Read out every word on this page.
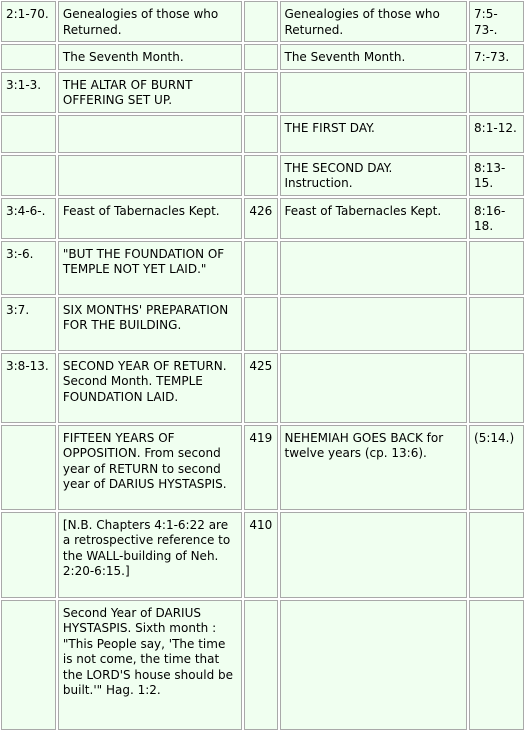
2:1-70.	Genealogies of those who Returned.		Genealogies of those who Returned.	7:5-73-.
	The Seventh Month.		The Seventh Month.	7:-73.
3:1-3.	THE ALTAR OF BURNT OFFERING SET UP.			
			THE FIRST DAY.	8:1-12.
			THE SECOND DAY. Instruction.	8:13-15.
3:4-6-.	Feast of Tabernacles Kept.	426	Feast of Tabernacles Kept.	8:16-18.
3:-6.	"BUT THE FOUNDATION OF TEMPLE NOT YET LAID."			
3:7.	SIX MONTHS' PREPARATION FOR THE BUILDING.			
3:8-13.	SECOND YEAR OF RETURN. Second Month. TEMPLE FOUNDATION LAID.	425		
	FIFTEEN YEARS OF OPPOSITION. From second year of RETURN to second year of DARIUS HYSTASPIS.	419	NEHEMIAH GOES BACK for twelve years (cp. 13:6).	(5:14.)
	[N.B. Chapters 4:1-6:22 are a retrospective reference to the WALL-building of Neh. 2:20-6:15.]	410		
	Second Year of DARIUS HYSTASPIS. Sixth month : "This People say, 'The time is not come, the time that the LORD'S house should be built.'" Hag. 1:2.			
